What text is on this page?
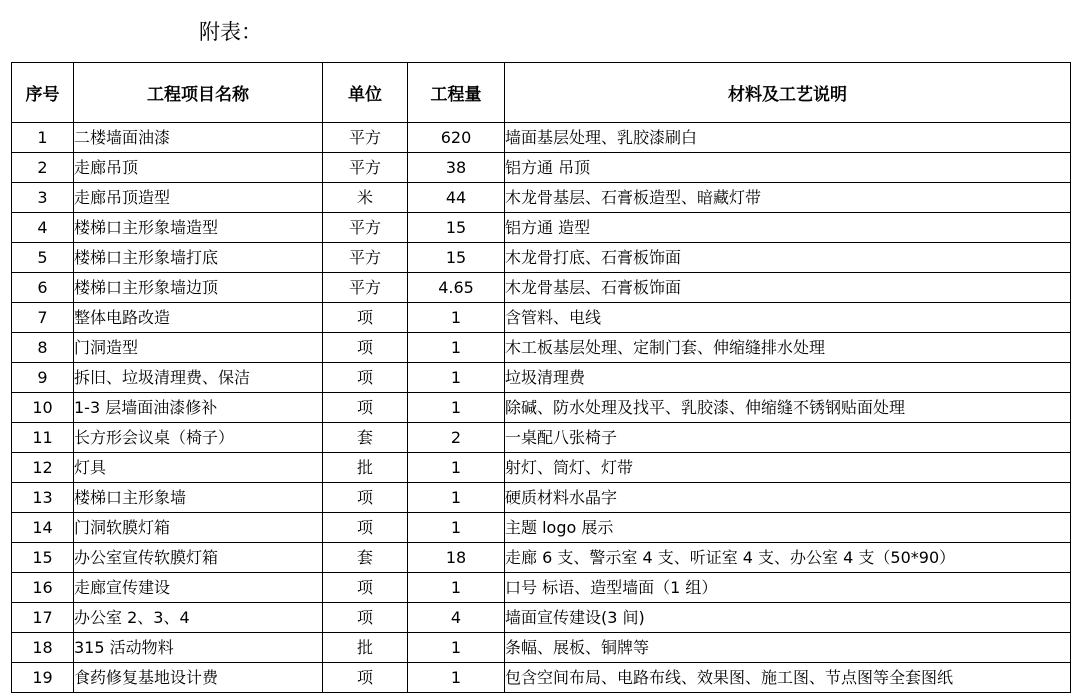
附表：
序号	工程项目名称	单位	工程量	材料及工艺说明
1	二楼墙面油漆	平方	620	墙面基层处理、乳胶漆刷白
2	走廊吊顶	平方	38	铝方通 吊顶
3	走廊吊顶造型	米	44	木龙骨基层、石膏板造型、暗藏灯带
4	楼梯口主形象墙造型	平方	15	铝方通 造型
5	楼梯口主形象墙打底	平方	15	木龙骨打底、石膏板饰面
6	楼梯口主形象墙边顶	平方	4.65	木龙骨基层、石膏板饰面
7	整体电路改造	项	1	含管料、电线
8	门洞造型	项	1	木工板基层处理、定制门套、伸缩缝排水处理
9	拆旧、垃圾清理费、保洁	项	1	垃圾清理费
10	1-3 层墙面油漆修补	项	1	除碱、防水处理及找平、乳胶漆、伸缩缝不锈钢贴面处理
11	长方形会议桌（椅子）	套	2	一桌配八张椅子
12	灯具	批	1	射灯、筒灯、灯带
13	楼梯口主形象墙	项	1	硬质材料水晶字
14	门洞软膜灯箱	项	1	主题 logo 展示
15	办公室宣传软膜灯箱	套	18	走廊 6 支、警示室 4 支、听证室 4 支、办公室 4 支（50*90）
16	走廊宣传建设	项	1	口号 标语、造型墙面（1 组）
17	办公室 2、3、4	项	4	墙面宣传建设(3 间)
18	315 活动物料	批	1	条幅、展板、铜牌等
19	食药修复基地设计费	项	1	包含空间布局、电路布线、效果图、施工图、节点图等全套图纸
